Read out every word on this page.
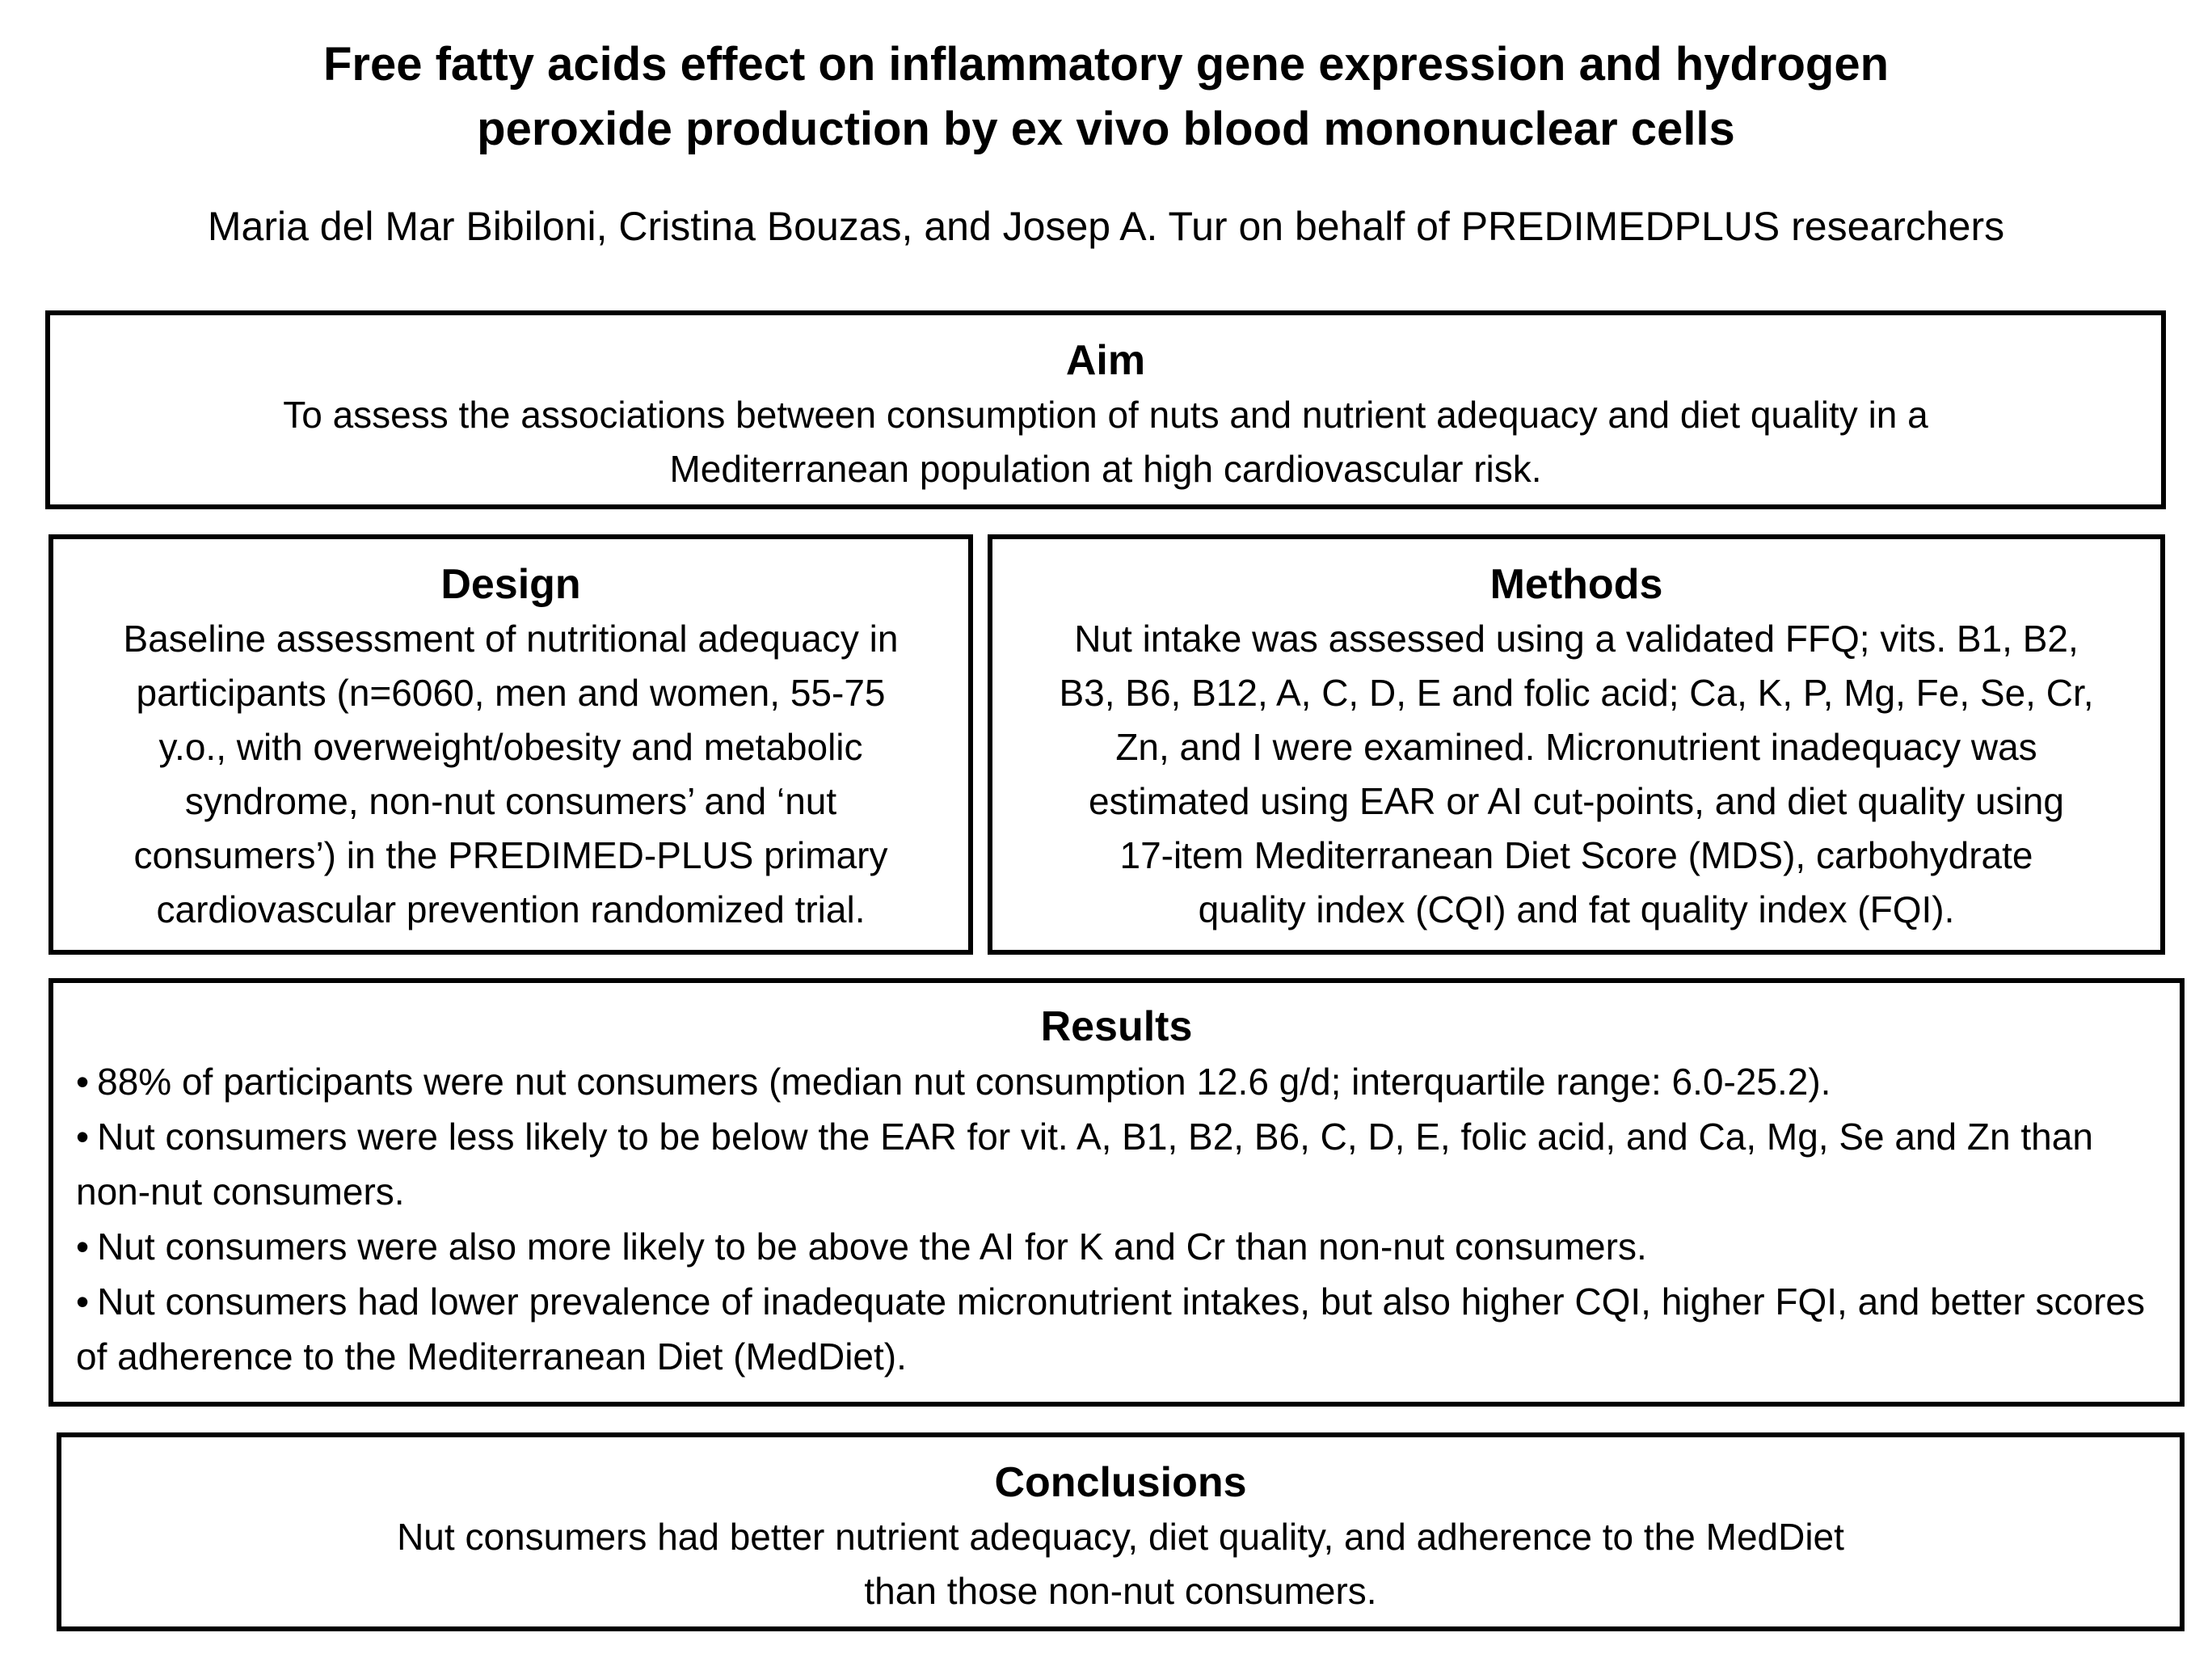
Free fatty acids effect on inflammatory gene expression and hydrogen
peroxide production by ex vivo blood mononuclear cells

Maria del Mar Bibiloni, Cristina Bouzas, and Josep A. Tur on behalf of PREDIMEDPLUS researchers

Aim

To assess the associations between consumption of nuts and nutrient adequacy and diet quality in a
Mediterranean population at high cardiovascular risk.

Design

Baseline assessment of nutritional adequacy in
participants (n=6060, men and women, 55-75
y.o., with overweight/obesity and metabolic
syndrome, non-nut consumers’ and ‘nut
consumers’) in the PREDIMED-PLUS primary
cardiovascular prevention randomized trial.

Methods

Nut intake was assessed using a validated FFQ; vits. B1, B2,
B3, B6, B12, A, C, D, E and folic acid; Ca, K, P, Mg, Fe, Se, Cr,
Zn, and I were examined. Micronutrient inadequacy was
estimated using EAR or AI cut-points, and diet quality using
17-item Mediterranean Diet Score (MDS), carbohydrate
quality index (CQI) and fat quality index (FQI).

Results
• 88% of participants were nut consumers (median nut consumption 12.6 g/d; interquartile range: 6.0-25.2).
• Nut consumers were less likely to be below the EAR for vit. A, B1, B2, B6, C, D, E, folic acid, and Ca, Mg, Se and Zn than non-nut consumers.
• Nut consumers were also more likely to be above the AI for K and Cr than non-nut consumers.
• Nut consumers had lower prevalence of inadequate micronutrient intakes, but also higher CQI, higher FQI, and better scores of adherence to the Mediterranean Diet (MedDiet).
Conclusions

Nut consumers had better nutrient adequacy, diet quality, and adherence to the MedDiet
than those non-nut consumers.
